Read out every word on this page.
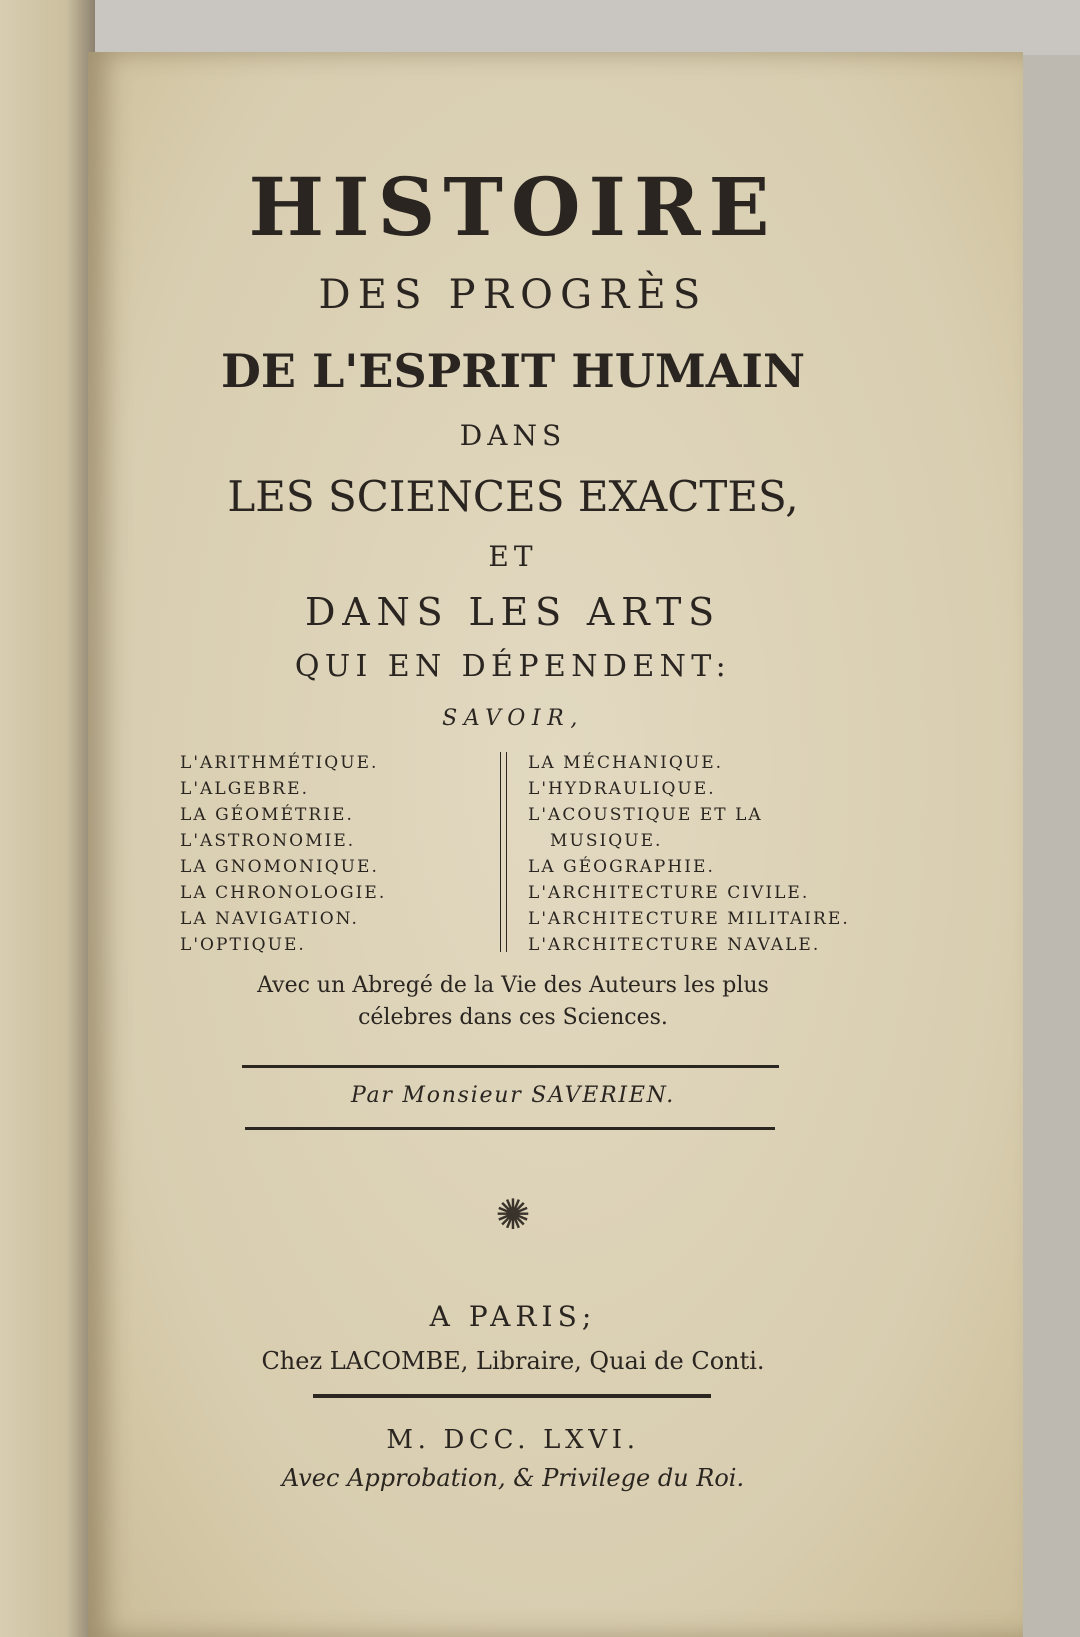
HISTOIRE
DES PROGRÈS
DE L'ESPRIT HUMAIN
DANS
LES SCIENCES EXACTES,
ET
DANS LES ARTS
QUI EN DÉPENDENT:
SAVOIR,
L'ARITHMÉTIQUE.
L'ALGEBRE.
LA GÉOMÉTRIE.
L'ASTRONOMIE.
LA GNOMONIQUE.
LA CHRONOLOGIE.
LA NAVIGATION.
L'OPTIQUE.
LA MÉCHANIQUE.
L'HYDRAULIQUE.
L'ACOUSTIQUE ET LA
MUSIQUE.
LA GÉOGRAPHIE.
L'ARCHITECTURE CIVILE.
L'ARCHITECTURE MILITAIRE.
L'ARCHITECTURE NAVALE.
Avec un Abregé de la Vie des Auteurs les plus
célebres dans ces Sciences.
Par Monsieur SAVERIEN.
✺
A PARIS;
Chez LACOMBE, Libraire, Quai de Conti.
M. DCC. LXVI.
Avec Approbation, & Privilege du Roi.
